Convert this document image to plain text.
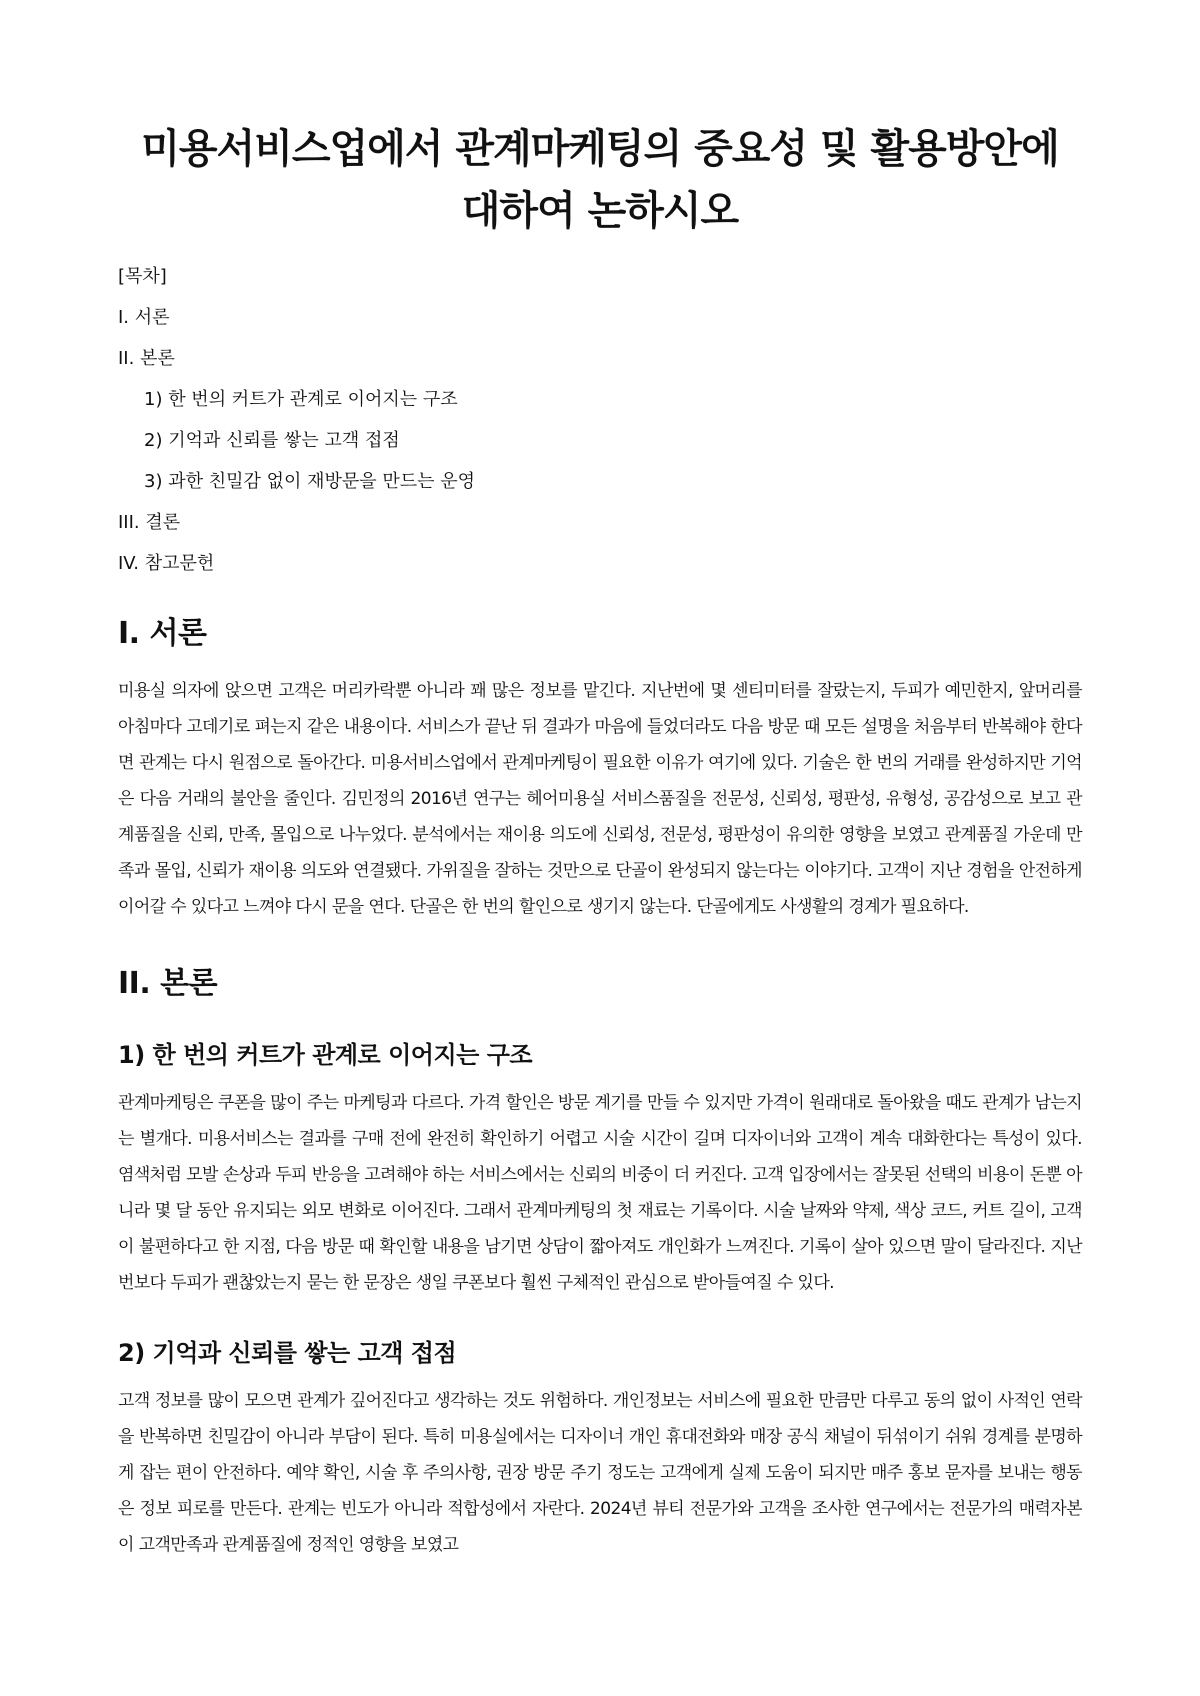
미용서비스업에서 관계마케팅의 중요성 및 활용방안에 대하여 논하시오
[목차]
I. 서론
II. 본론
1) 한 번의 커트가 관계로 이어지는 구조
2) 기억과 신뢰를 쌓는 고객 접점
3) 과한 친밀감 없이 재방문을 만드는 운영
III. 결론
IV. 참고문헌
I. 서론

미용실 의자에 앉으면 고객은 머리카락뿐 아니라 꽤 많은 정보를 맡긴다. 지난번에 몇 센티미터를 잘랐는지, 두피가 예민한지, 앞머리를 아침마다 고데기로 펴는지 같은 내용이다. 서비스가 끝난 뒤 결과가 마음에 들었더라도 다음 방문 때 모든 설명을 처음부터 반복해야 한다면 관계는 다시 원점으로 돌아간다. 미용서비스업에서 관계마케팅이 필요한 이유가 여기에 있다. 기술은 한 번의 거래를 완성하지만 기억은 다음 거래의 불안을 줄인다. 김민정의 2016년 연구는 헤어미용실 서비스품질을 전문성, 신뢰성, 평판성, 유형성, 공감성으로 보고 관계품질을 신뢰, 만족, 몰입으로 나누었다. 분석에서는 재이용 의도에 신뢰성, 전문성, 평판성이 유의한 영향을 보였고 관계품질 가운데 만족과 몰입, 신뢰가 재이용 의도와 연결됐다. 가위질을 잘하는 것만으로 단골이 완성되지 않는다는 이야기다. 고객이 지난 경험을 안전하게 이어갈 수 있다고 느껴야 다시 문을 연다. 단골은 한 번의 할인으로 생기지 않는다. 단골에게도 사생활의 경계가 필요하다.

II. 본론
1) 한 번의 커트가 관계로 이어지는 구조

관계마케팅은 쿠폰을 많이 주는 마케팅과 다르다. 가격 할인은 방문 계기를 만들 수 있지만 가격이 원래대로 돌아왔을 때도 관계가 남는지는 별개다. 미용서비스는 결과를 구매 전에 완전히 확인하기 어렵고 시술 시간이 길며 디자이너와 고객이 계속 대화한다는 특성이 있다. 염색처럼 모발 손상과 두피 반응을 고려해야 하는 서비스에서는 신뢰의 비중이 더 커진다. 고객 입장에서는 잘못된 선택의 비용이 돈뿐 아니라 몇 달 동안 유지되는 외모 변화로 이어진다. 그래서 관계마케팅의 첫 재료는 기록이다. 시술 날짜와 약제, 색상 코드, 커트 길이, 고객이 불편하다고 한 지점, 다음 방문 때 확인할 내용을 남기면 상담이 짧아져도 개인화가 느껴진다. 기록이 살아 있으면 말이 달라진다. 지난번보다 두피가 괜찮았는지 묻는 한 문장은 생일 쿠폰보다 훨씬 구체적인 관심으로 받아들여질 수 있다.

2) 기억과 신뢰를 쌓는 고객 접점

고객 정보를 많이 모으면 관계가 깊어진다고 생각하는 것도 위험하다. 개인정보는 서비스에 필요한 만큼만 다루고 동의 없이 사적인 연락을 반복하면 친밀감이 아니라 부담이 된다. 특히 미용실에서는 디자이너 개인 휴대전화와 매장 공식 채널이 뒤섞이기 쉬워 경계를 분명하게 잡는 편이 안전하다. 예약 확인, 시술 후 주의사항, 권장 방문 주기 정도는 고객에게 실제 도움이 되지만 매주 홍보 문자를 보내는 행동은 정보 피로를 만든다. 관계는 빈도가 아니라 적합성에서 자란다. 2024년 뷰티 전문가와 고객을 조사한 연구에서는 전문가의 매력자본이 고객만족과 관계품질에 정적인 영향을 보였고
